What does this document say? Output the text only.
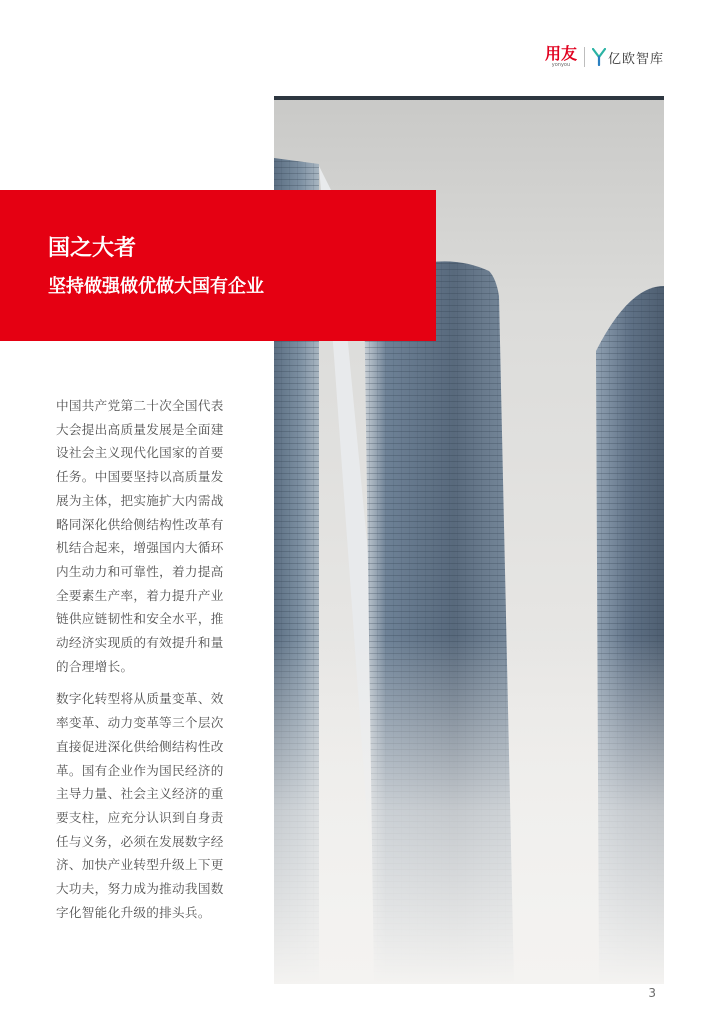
用友
yonyou	亿欧智库
国之大者
坚持做强做优做大国有企业

中国共产党第二十次全国代表大会提出高质量发展是全面建设社会主义现代化国家的首要任务。中国要坚持以高质量发展为主体，把实施扩大内需战略同深化供给侧结构性改革有机结合起来，增强国内大循环内生动力和可靠性，着力提高全要素生产率，着力提升产业链供应链韧性和安全水平，推动经济实现质的有效提升和量的合理增长。

数字化转型将从质量变革、效率变革、动力变革等三个层次直接促进深化供给侧结构性改革。国有企业作为国民经济的主导力量、社会主义经济的重要支柱，应充分认识到自身责任与义务，必须在发展数字经济、加快产业转型升级上下更大功夫，努力成为推动我国数字化智能化升级的排头兵。

3
